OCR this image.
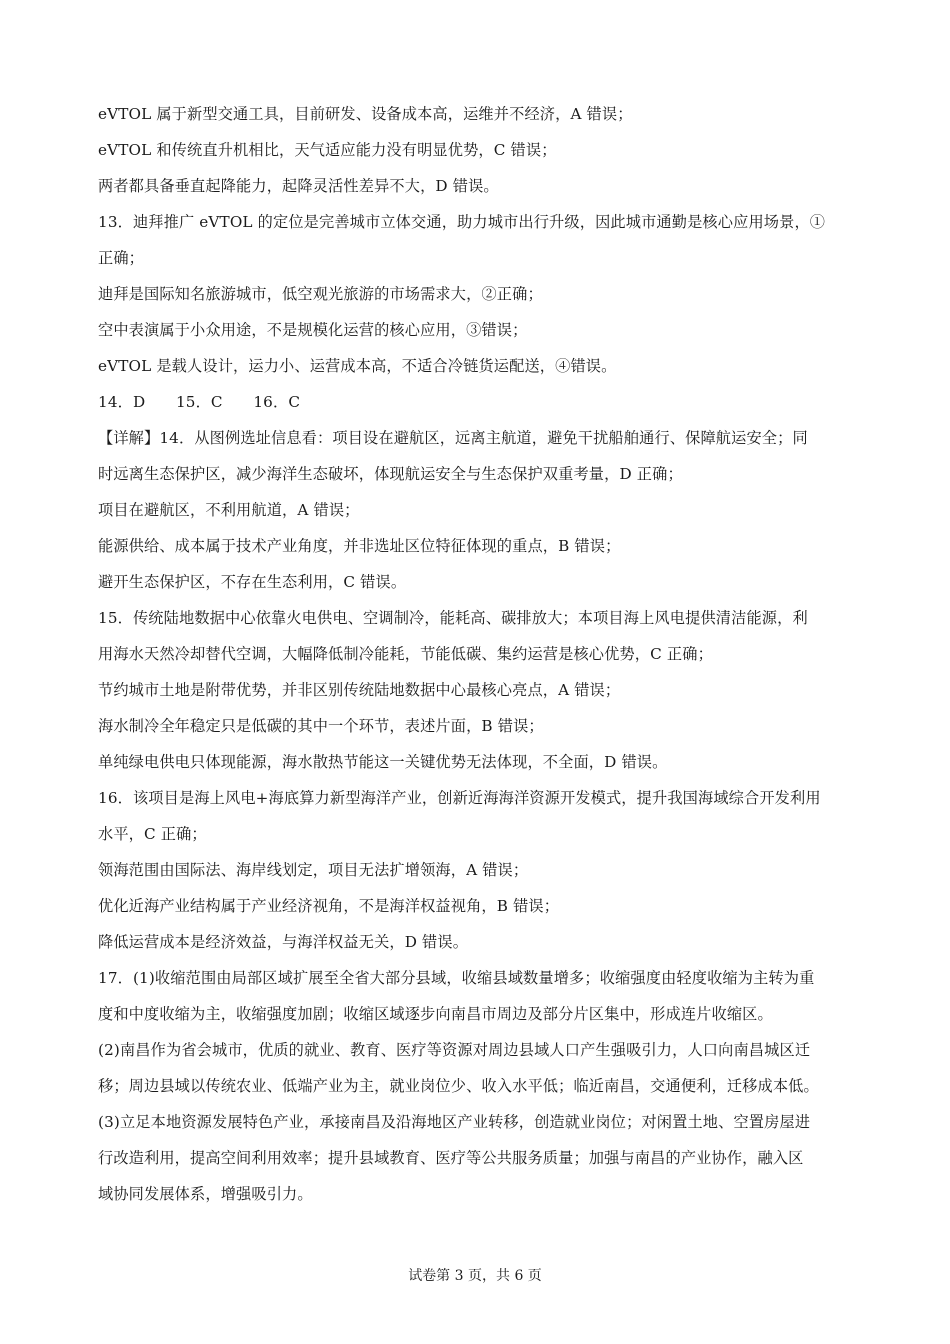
eVTOL 属于新型交通工具，目前研发、设备成本高，运维并不经济，A 错误；
eVTOL 和传统直升机相比，天气适应能力没有明显优势，C 错误；
两者都具备垂直起降能力，起降灵活性差异不大，D 错误。
13．迪拜推广 eVTOL 的定位是完善城市立体交通，助力城市出行升级，因此城市通勤是核心应用场景，①
正确；
迪拜是国际知名旅游城市，低空观光旅游的市场需求大，②正确；
空中表演属于小众用途，不是规模化运营的核心应用，③错误；
eVTOL 是载人设计，运力小、运营成本高，不适合冷链货运配送，④错误。
14．D　　15．C　　16．C
【详解】14．从图例选址信息看：项目设在避航区，远离主航道，避免干扰船舶通行、保障航运安全；同
时远离生态保护区，减少海洋生态破坏，体现航运安全与生态保护双重考量，D 正确；
项目在避航区，不利用航道，A 错误；
能源供给、成本属于技术产业角度，并非选址区位特征体现的重点，B 错误；
避开生态保护区，不存在生态利用，C 错误。
15．传统陆地数据中心依靠火电供电、空调制冷，能耗高、碳排放大；本项目海上风电提供清洁能源，利
用海水天然冷却替代空调，大幅降低制冷能耗，节能低碳、集约运营是核心优势，C 正确；
节约城市土地是附带优势，并非区别传统陆地数据中心最核心亮点，A 错误；
海水制冷全年稳定只是低碳的其中一个环节，表述片面，B 错误；
单纯绿电供电只体现能源，海水散热节能这一关键优势无法体现，不全面，D 错误。
16．该项目是海上风电+海底算力新型海洋产业，创新近海海洋资源开发模式，提升我国海域综合开发利用
水平，C 正确；
领海范围由国际法、海岸线划定，项目无法扩增领海，A 错误；
优化近海产业结构属于产业经济视角，不是海洋权益视角，B 错误；
降低运营成本是经济效益，与海洋权益无关，D 错误。
17．(1)收缩范围由局部区域扩展至全省大部分县域，收缩县域数量增多；收缩强度由轻度收缩为主转为重
度和中度收缩为主，收缩强度加剧；收缩区域逐步向南昌市周边及部分片区集中，形成连片收缩区。
(2)南昌作为省会城市，优质的就业、教育、医疗等资源对周边县域人口产生强吸引力，人口向南昌城区迁
移；周边县域以传统农业、低端产业为主，就业岗位少、收入水平低；临近南昌，交通便利，迁移成本低。
(3)立足本地资源发展特色产业，承接南昌及沿海地区产业转移，创造就业岗位；对闲置土地、空置房屋进
行改造利用，提高空间利用效率；提升县域教育、医疗等公共服务质量；加强与南昌的产业协作，融入区
域协同发展体系，增强吸引力。
试卷第 3 页，共 6 页
